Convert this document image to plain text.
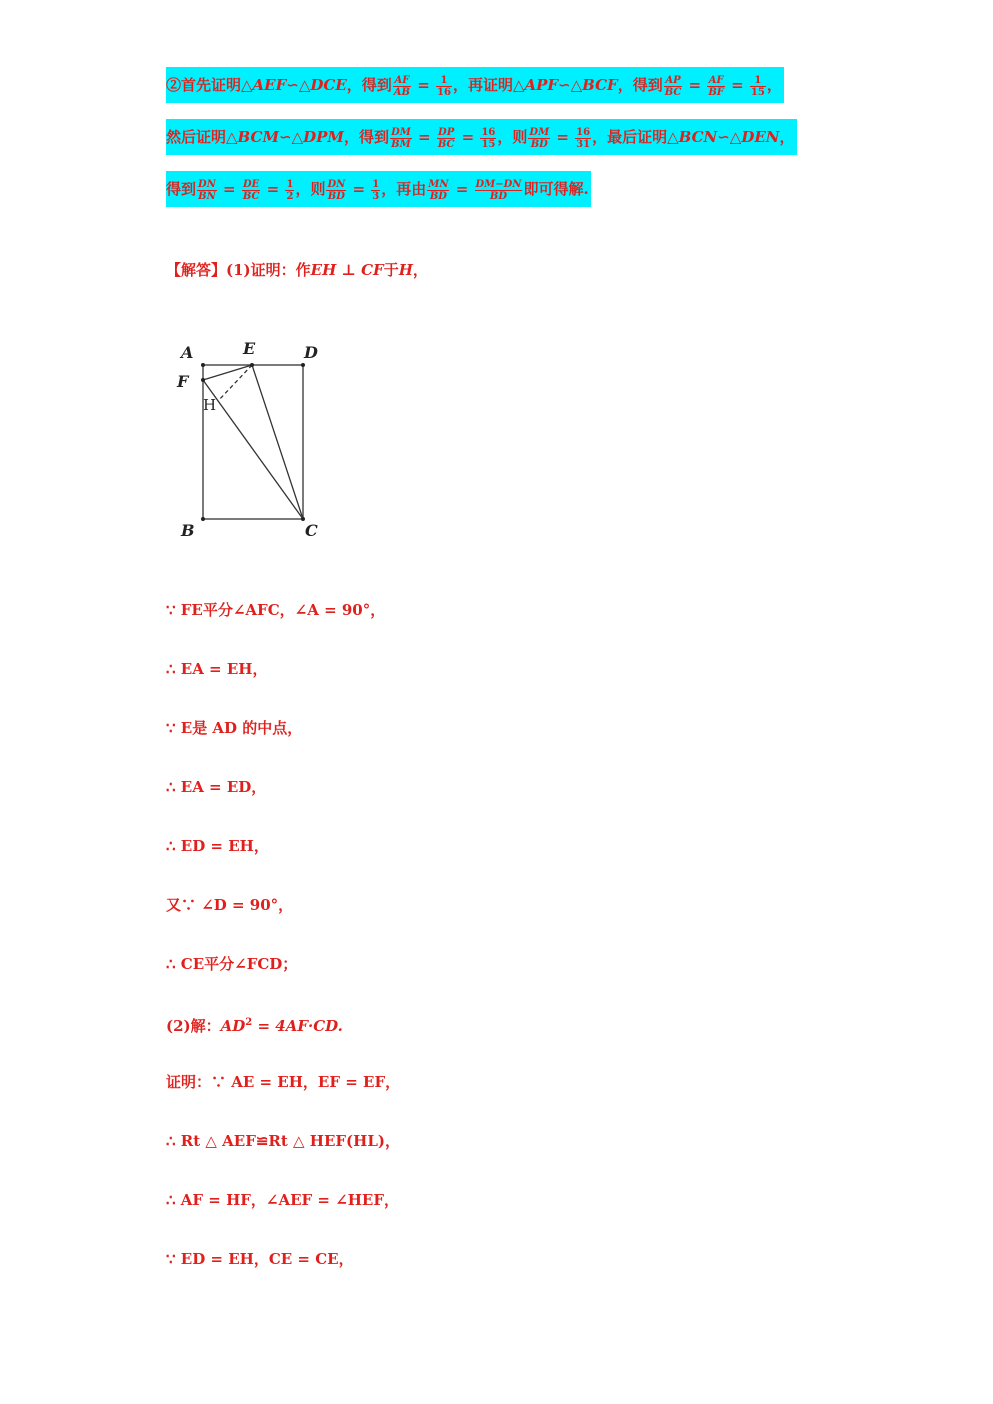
②首先证明△AEF∽△DCE，得到 $\frac{AF}{AB} = \frac{1}{16}$ ，再证明△APF∽△BCF，得到 $\frac{AP}{BC} = \frac{AF}{BF} = \frac{1}{15}$ ，
然后证明△BCM∽△DPM，得到 $\frac{DM}{BM} = \frac{DP}{BC} = \frac{16}{15}$ ，则 $\frac{DM}{BD} = \frac{16}{31}$ ，最后证明△BCN∽△DEN，
得到 $\frac{DN}{BN} = \frac{DE}{BC} = \frac{1}{2}$ ，则 $\frac{DN}{BD} = \frac{1}{3}$ ，再由 $\frac{MN}{BD} = \frac{DM-DN}{BD}$ 即可得解.
【解答】(1)证明：作EH ⊥ CF于H，
A	E	D
F
B	C
H
∵ FE平分∠AFC，∠A = 90°，
∴ EA = EH，
∵ E是 AD 的中点，
∴ EA = ED，
∴ ED = EH，
又∵ ∠D = 90°，
∴ CE平分∠FCD；
(2)解：$AD^2 = 4AF\cdot CD$.
证明：∵ AE = EH，EF = EF，
∴ Rt △ AEF≌Rt △ HEF(HL)，
∴ AF = HF，∠AEF = ∠HEF，
∵ ED = EH，CE = CE，
